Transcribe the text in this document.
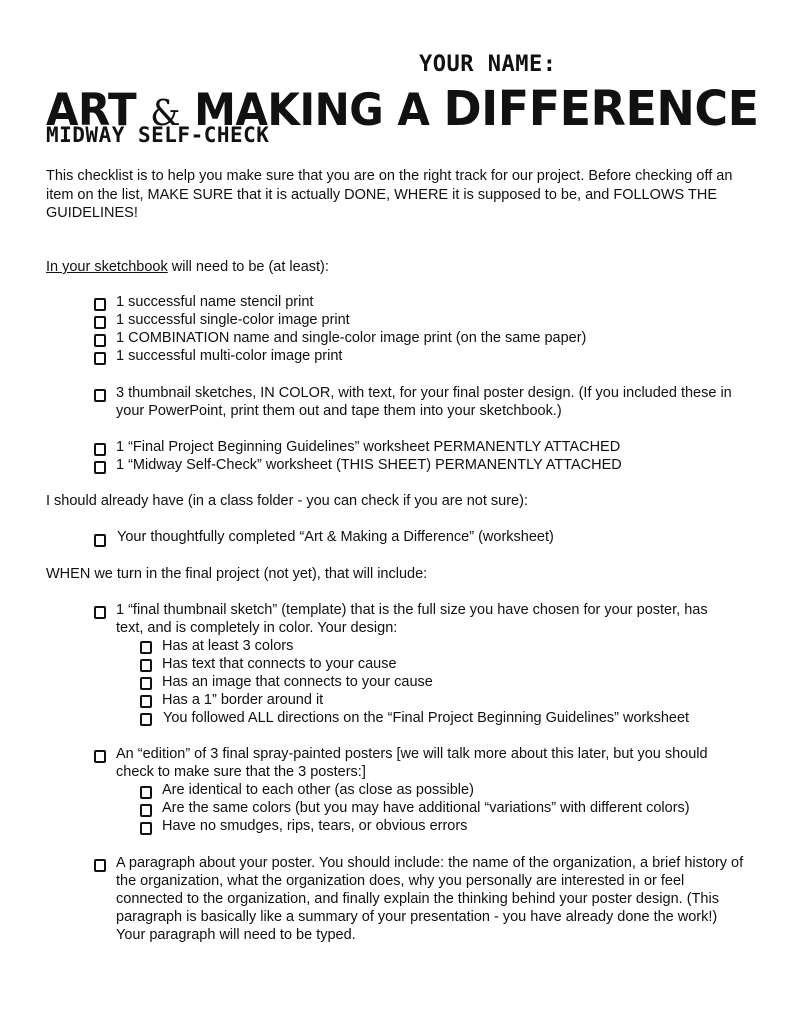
YOUR NAME:
ART & MAKING A DIFFERENCE
MIDWAY SELF-CHECK
This checklist is to help you make sure that you are on the right track for our project. Before checking off an item on the list, MAKE SURE that it is actually DONE, WHERE it is supposed to be, and FOLLOWS THE GUIDELINES!
In your sketchbook will need to be (at least):
1 successful name stencil print
1 successful single-color image print
1 COMBINATION name and single-color image print (on the same paper)
1 successful multi-color image print
3 thumbnail sketches, IN COLOR, with text, for your final poster design. (If you included these in your PowerPoint, print them out and tape them into your sketchbook.)
1 “Final Project Beginning Guidelines” worksheet PERMANENTLY ATTACHED
1 “Midway Self-Check” worksheet (THIS SHEET) PERMANENTLY ATTACHED
I should already have (in a class folder - you can check if you are not sure):
Your thoughtfully completed “Art & Making a Difference” (worksheet)
WHEN we turn in the final project (not yet), that will include:
1 “final thumbnail sketch” (template) that is the full size you have chosen for your poster, has text, and is completely in color. Your design:
Has at least 3 colors
Has text that connects to your cause
Has an image that connects to your cause
Has a 1” border around it
You followed ALL directions on the “Final Project Beginning Guidelines” worksheet
An “edition” of 3 final spray-painted posters [we will talk more about this later, but you should check to make sure that the 3 posters:]
Are identical to each other (as close as possible)
Are the same colors (but you may have additional “variations” with different colors)
Have no smudges, rips, tears, or obvious errors
A paragraph about your poster. You should include: the name of the organization, a brief history of the organization, what the organization does, why you personally are interested in or feel connected to the organization, and finally explain the thinking behind your poster design. (This paragraph is basically like a summary of your presentation - you have already done the work!) Your paragraph will need to be typed.
